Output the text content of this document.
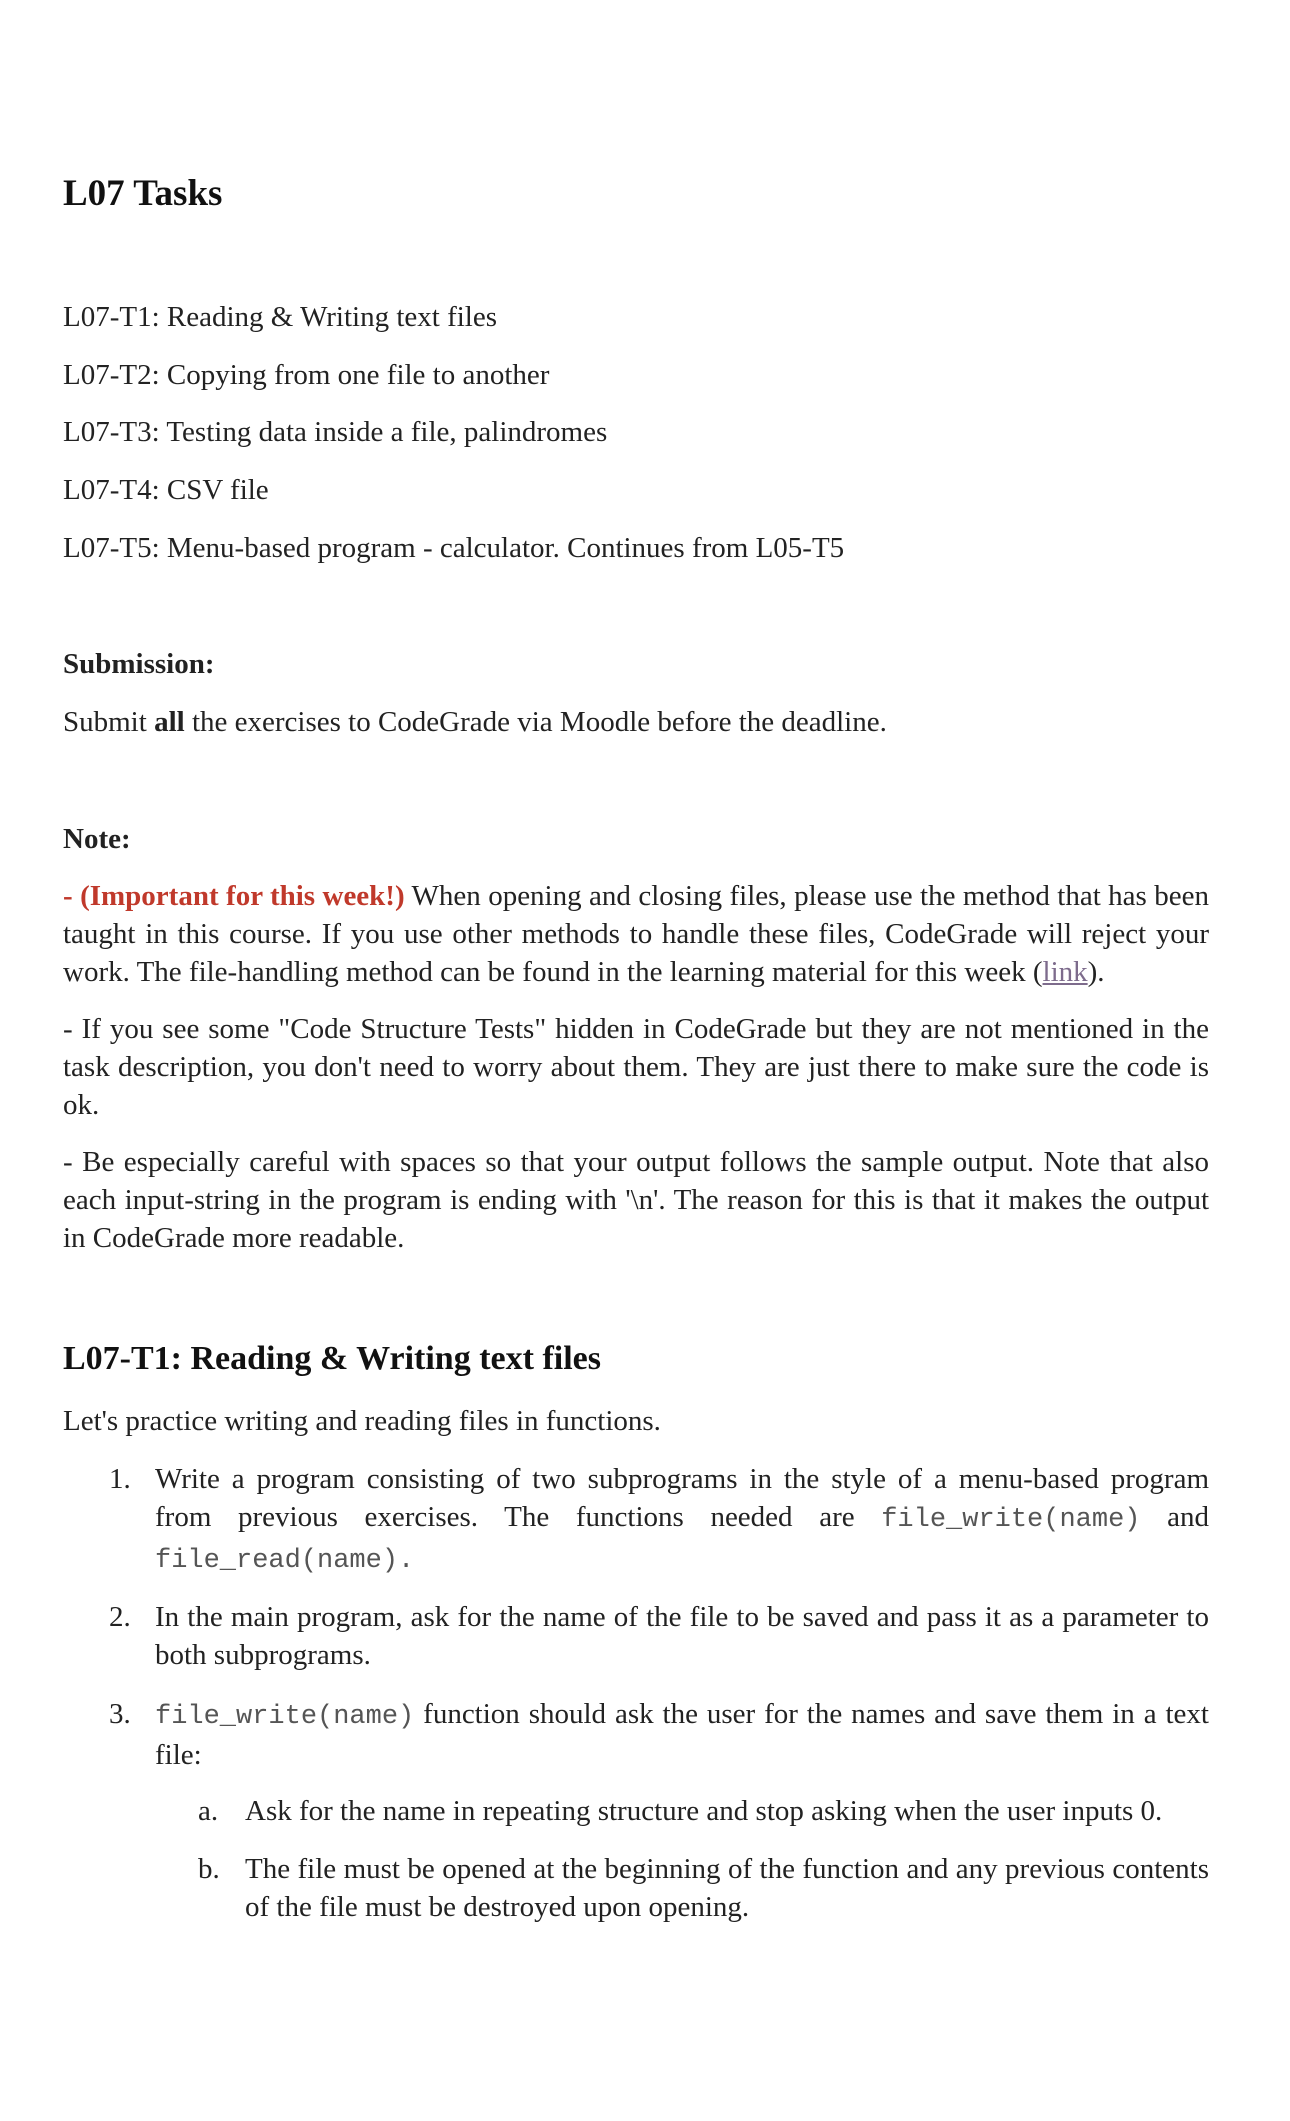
L07 Tasks
L07-T1: Reading & Writing text files
L07-T2: Copying from one file to another
L07-T3: Testing data inside a file, palindromes
L07-T4: CSV file
L07-T5: Menu-based program - calculator. Continues from L05-T5
Submission:
Submit all the exercises to CodeGrade via Moodle before the deadline.
Note:
- (Important for this week!) When opening and closing files, please use the method that has been taught in this course. If you use other methods to handle these files, CodeGrade will reject your work. The file-handling method can be found in the learning material for this week (link).
- If you see some "Code Structure Tests" hidden in CodeGrade but they are not mentioned in the task description, you don't need to worry about them. They are just there to make sure the code is ok.
- Be especially careful with spaces so that your output follows the sample output. Note that also each input-string in the program is ending with '\n'. The reason for this is that it makes the output in CodeGrade more readable.
L07-T1: Reading & Writing text files
Let's practice writing and reading files in functions.
1. Write a program consisting of two subprograms in the style of a menu-based program from previous exercises. The functions needed are file_write(name) and file_read(name).
2. In the main program, ask for the name of the file to be saved and pass it as a parameter to both subprograms.
3. file_write(name) function should ask the user for the names and save them in a text file:
a. Ask for the name in repeating structure and stop asking when the user inputs 0.
b. The file must be opened at the beginning of the function and any previous contents of the file must be destroyed upon opening.
